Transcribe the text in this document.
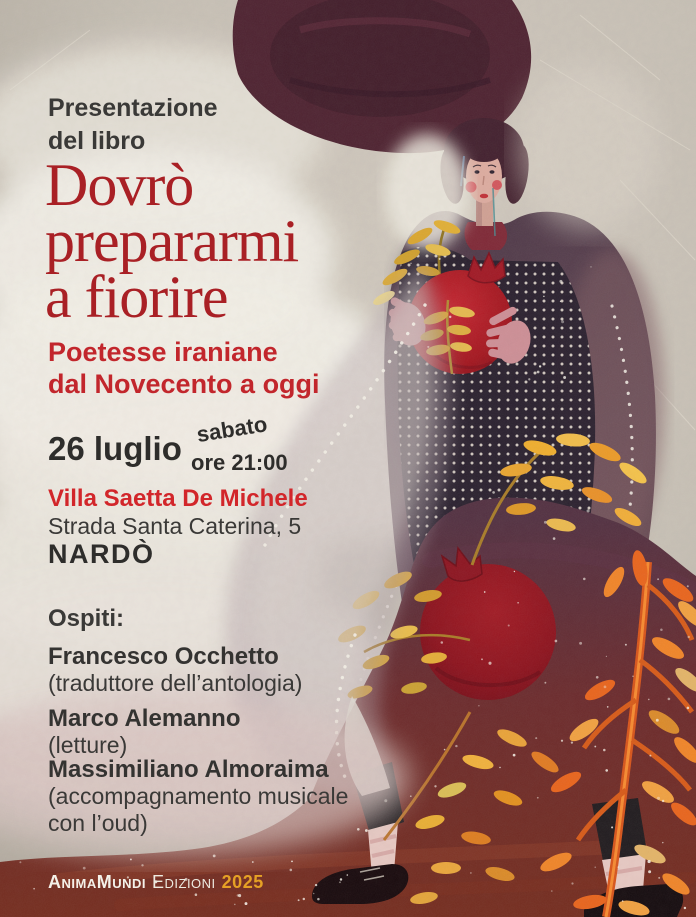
Presentazione
del libro
Dovrò
prepararmi
a fiorire
Poetesse iraniane
dal Novecento a oggi
26 luglio
sabato
ore 21:00
Villa Saetta De Michele
Strada Santa Caterina, 5
NARDÒ
Ospiti:
Francesco Occhetto
(traduttore dell’antologia)
Marco Alemanno
(letture)
Massimiliano Almoraima
(accompagnamento musicale con l’oud)
AnimaMundi Edizioni 2025
